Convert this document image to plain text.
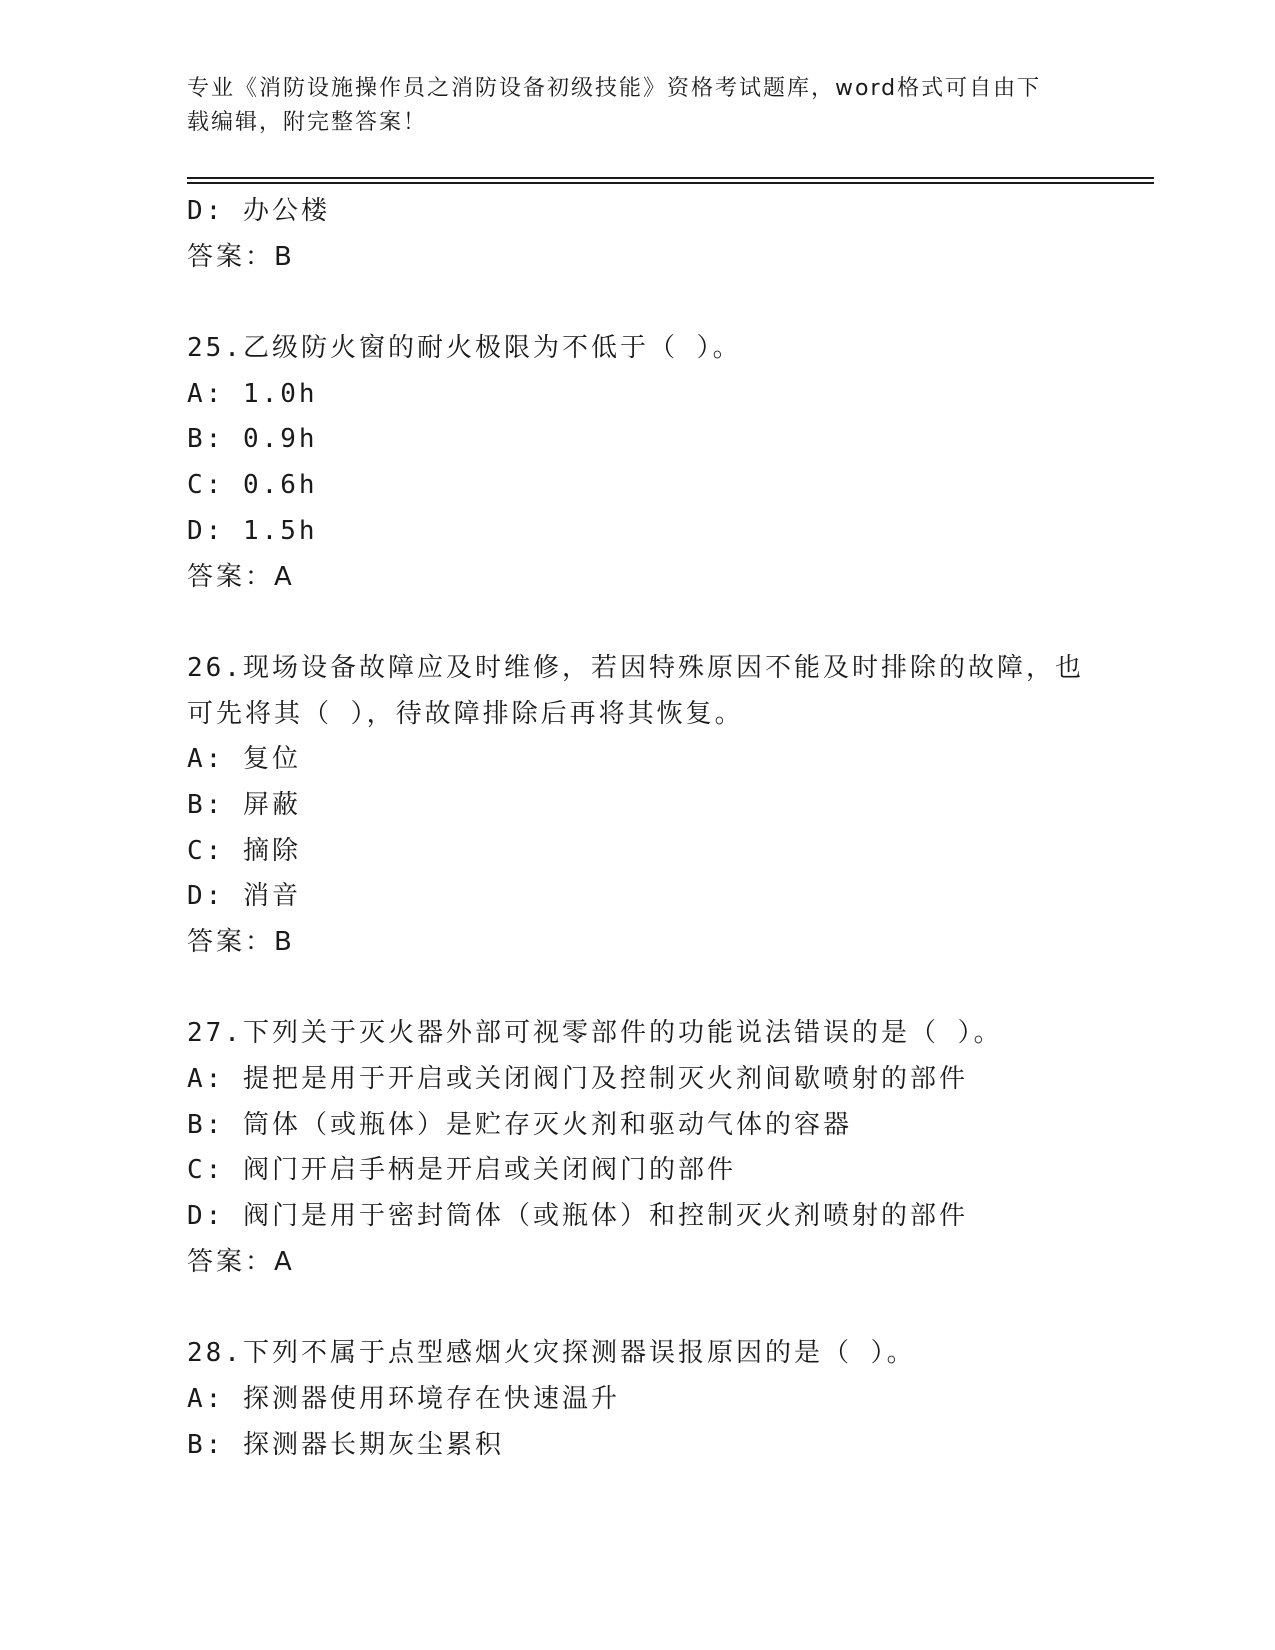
专业《消防设施操作员之消防设备初级技能》资格考试题库，word格式可自由下
载编辑，附完整答案！
D: 办公楼
答案：B
25.乙级防火窗的耐火极限为不低于（ ）。
A: 1.0h
B: 0.9h
C: 0.6h
D: 1.5h
答案：A
26.现场设备故障应及时维修，若因特殊原因不能及时排除的故障，也
可先将其（ ），待故障排除后再将其恢复。
A: 复位
B: 屏蔽
C: 摘除
D: 消音
答案：B
27.下列关于灭火器外部可视零部件的功能说法错误的是（ ）。
A: 提把是用于开启或关闭阀门及控制灭火剂间歇喷射的部件
B: 筒体（或瓶体）是贮存灭火剂和驱动气体的容器
C: 阀门开启手柄是开启或关闭阀门的部件
D: 阀门是用于密封筒体（或瓶体）和控制灭火剂喷射的部件
答案：A
28.下列不属于点型感烟火灾探测器误报原因的是（ ）。
A: 探测器使用环境存在快速温升
B: 探测器长期灰尘累积
